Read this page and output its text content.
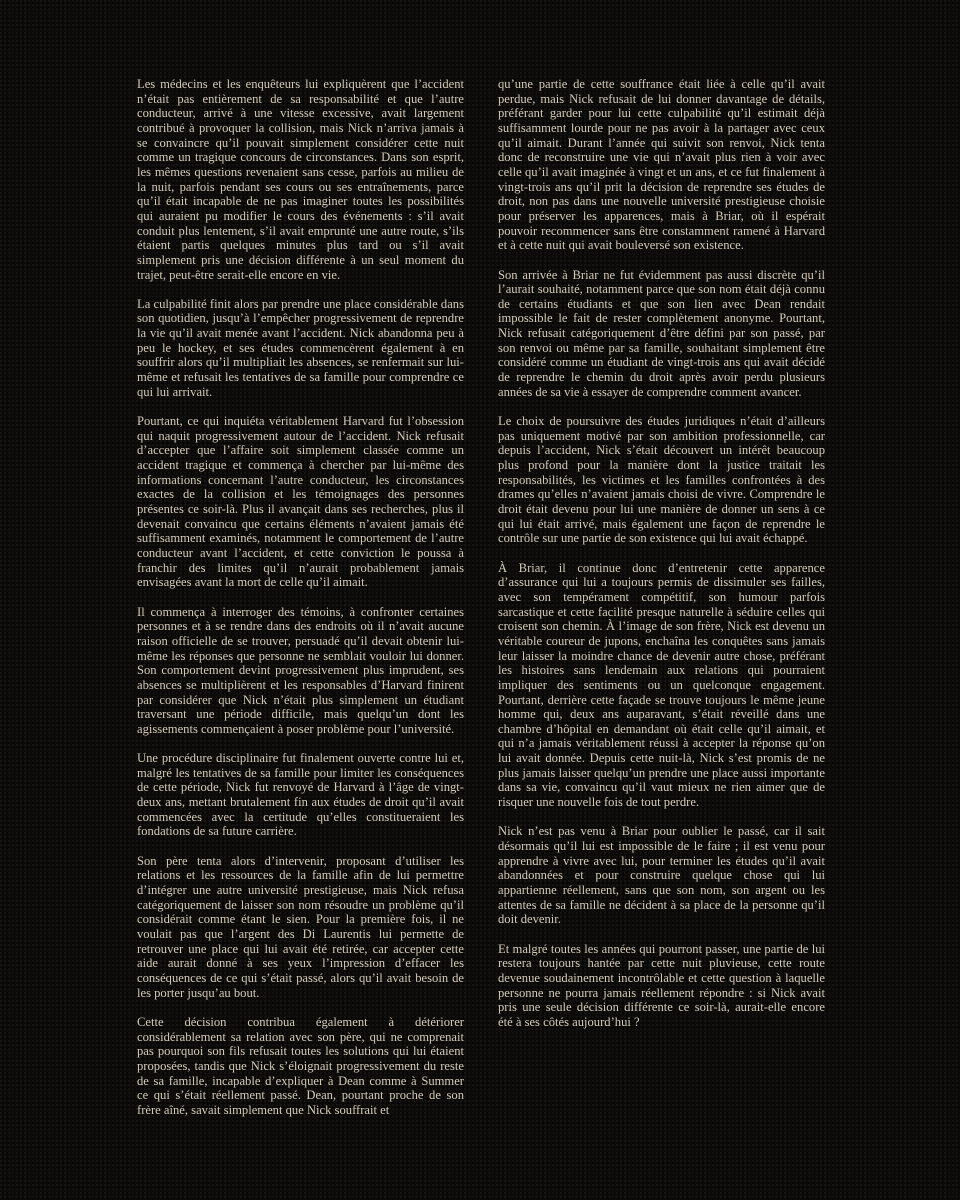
Les médecins et les enquêteurs lui expliquèrent que l’accident n’était pas entièrement de sa responsabilité et que l’autre conducteur, arrivé à une vitesse excessive, avait largement contribué à provoquer la collision, mais Nick n’arriva jamais à se convaincre qu’il pouvait simplement considérer cette nuit comme un tragique concours de circonstances. Dans son esprit, les mêmes questions revenaient sans cesse, parfois au milieu de la nuit, parfois pendant ses cours ou ses entraînements, parce qu’il était incapable de ne pas imaginer toutes les possibilités qui auraient pu modifier le cours des événements : s’il avait conduit plus lentement, s’il avait emprunté une autre route, s’ils étaient partis quelques minutes plus tard ou s’il avait simplement pris une décision différente à un seul moment du trajet, peut-être serait-elle encore en vie.

La culpabilité finit alors par prendre une place considérable dans son quotidien, jusqu’à l’empêcher progressivement de reprendre la vie qu’il avait menée avant l’accident. Nick abandonna peu à peu le hockey, et ses études commencèrent également à en souffrir alors qu’il multipliait les absences, se renfermait sur lui-même et refusait les tentatives de sa famille pour comprendre ce qui lui arrivait.

Pourtant, ce qui inquiéta véritablement Harvard fut l’obsession qui naquit progressivement autour de l’accident. Nick refusait d’accepter que l’affaire soit simplement classée comme un accident tragique et commença à chercher par lui-même des informations concernant l’autre conducteur, les circonstances exactes de la collision et les témoignages des personnes présentes ce soir-là. Plus il avançait dans ses recherches, plus il devenait convaincu que certains éléments n’avaient jamais été suffisamment examinés, notamment le comportement de l’autre conducteur avant l’accident, et cette conviction le poussa à franchir des limites qu’il n’aurait probablement jamais envisagées avant la mort de celle qu’il aimait.

Il commença à interroger des témoins, à confronter certaines personnes et à se rendre dans des endroits où il n’avait aucune raison officielle de se trouver, persuadé qu’il devait obtenir lui-même les réponses que personne ne semblait vouloir lui donner. Son comportement devint progressivement plus imprudent, ses absences se multiplièrent et les responsables d’Harvard finirent par considérer que Nick n’était plus simplement un étudiant traversant une période difficile, mais quelqu’un dont les agissements commençaient à poser problème pour l’université.

Une procédure disciplinaire fut finalement ouverte contre lui et, malgré les tentatives de sa famille pour limiter les conséquences de cette période, Nick fut renvoyé de Harvard à l’âge de vingt-deux ans, mettant brutalement fin aux études de droit qu’il avait commencées avec la certitude qu’elles constitueraient les fondations de sa future carrière.

Son père tenta alors d’intervenir, proposant d’utiliser les relations et les ressources de la famille afin de lui permettre d’intégrer une autre université prestigieuse, mais Nick refusa catégoriquement de laisser son nom résoudre un problème qu’il considérait comme étant le sien. Pour la première fois, il ne voulait pas que l’argent des Di Laurentis lui permette de retrouver une place qui lui avait été retirée, car accepter cette aide aurait donné à ses yeux l’impression d’effacer les conséquences de ce qui s’était passé, alors qu’il avait besoin de les porter jusqu’au bout.

Cette décision contribua également à détériorer considérablement sa relation avec son père, qui ne comprenait pas pourquoi son fils refusait toutes les solutions qui lui étaient proposées, tandis que Nick s’éloignait progressivement du reste de sa famille, incapable d’expliquer à Dean comme à Summer ce qui s’était réellement passé. Dean, pourtant proche de son frère aîné, savait simplement que Nick souffrait et

qu’une partie de cette souffrance était liée à celle qu’il avait perdue, mais Nick refusait de lui donner davantage de détails, préférant garder pour lui cette culpabilité qu’il estimait déjà suffisamment lourde pour ne pas avoir à la partager avec ceux qu’il aimait. Durant l’année qui suivit son renvoi, Nick tenta donc de reconstruire une vie qui n’avait plus rien à voir avec celle qu’il avait imaginée à vingt et un ans, et ce fut finalement à vingt-trois ans qu’il prit la décision de reprendre ses études de droit, non pas dans une nouvelle université prestigieuse choisie pour préserver les apparences, mais à Briar, où il espérait pouvoir recommencer sans être constamment ramené à Harvard et à cette nuit qui avait bouleversé son existence.

Son arrivée à Briar ne fut évidemment pas aussi discrète qu’il l’aurait souhaité, notamment parce que son nom était déjà connu de certains étudiants et que son lien avec Dean rendait impossible le fait de rester complètement anonyme. Pourtant, Nick refusait catégoriquement d’être défini par son passé, par son renvoi ou même par sa famille, souhaitant simplement être considéré comme un étudiant de vingt-trois ans qui avait décidé de reprendre le chemin du droit après avoir perdu plusieurs années de sa vie à essayer de comprendre comment avancer.

Le choix de poursuivre des études juridiques n’était d’ailleurs pas uniquement motivé par son ambition professionnelle, car depuis l’accident, Nick s’était découvert un intérêt beaucoup plus profond pour la manière dont la justice traitait les responsabilités, les victimes et les familles confrontées à des drames qu’elles n’avaient jamais choisi de vivre. Comprendre le droit était devenu pour lui une manière de donner un sens à ce qui lui était arrivé, mais également une façon de reprendre le contrôle sur une partie de son existence qui lui avait échappé.

À Briar, il continue donc d’entretenir cette apparence d’assurance qui lui a toujours permis de dissimuler ses failles, avec son tempérament compétitif, son humour parfois sarcastique et cette facilité presque naturelle à séduire celles qui croisent son chemin. À l’image de son frère, Nick est devenu un véritable coureur de jupons, enchaîna les conquêtes sans jamais leur laisser la moindre chance de devenir autre chose, préférant les histoires sans lendemain aux relations qui pourraient impliquer des sentiments ou un quelconque engagement. Pourtant, derrière cette façade se trouve toujours le même jeune homme qui, deux ans auparavant, s’était réveillé dans une chambre d’hôpital en demandant où était celle qu’il aimait, et qui n’a jamais véritablement réussi à accepter la réponse qu’on lui avait donnée. Depuis cette nuit-là, Nick s’est promis de ne plus jamais laisser quelqu’un prendre une place aussi importante dans sa vie, convaincu qu’il vaut mieux ne rien aimer que de risquer une nouvelle fois de tout perdre.

Nick n’est pas venu à Briar pour oublier le passé, car il sait désormais qu’il lui est impossible de le faire ; il est venu pour apprendre à vivre avec lui, pour terminer les études qu’il avait abandonnées et pour construire quelque chose qui lui appartienne réellement, sans que son nom, son argent ou les attentes de sa famille ne décident à sa place de la personne qu’il doit devenir.

Et malgré toutes les années qui pourront passer, une partie de lui restera toujours hantée par cette nuit pluvieuse, cette route devenue soudainement incontrôlable et cette question à laquelle personne ne pourra jamais réellement répondre : si Nick avait pris une seule décision différente ce soir-là, aurait-elle encore été à ses côtés aujourd’hui ?
